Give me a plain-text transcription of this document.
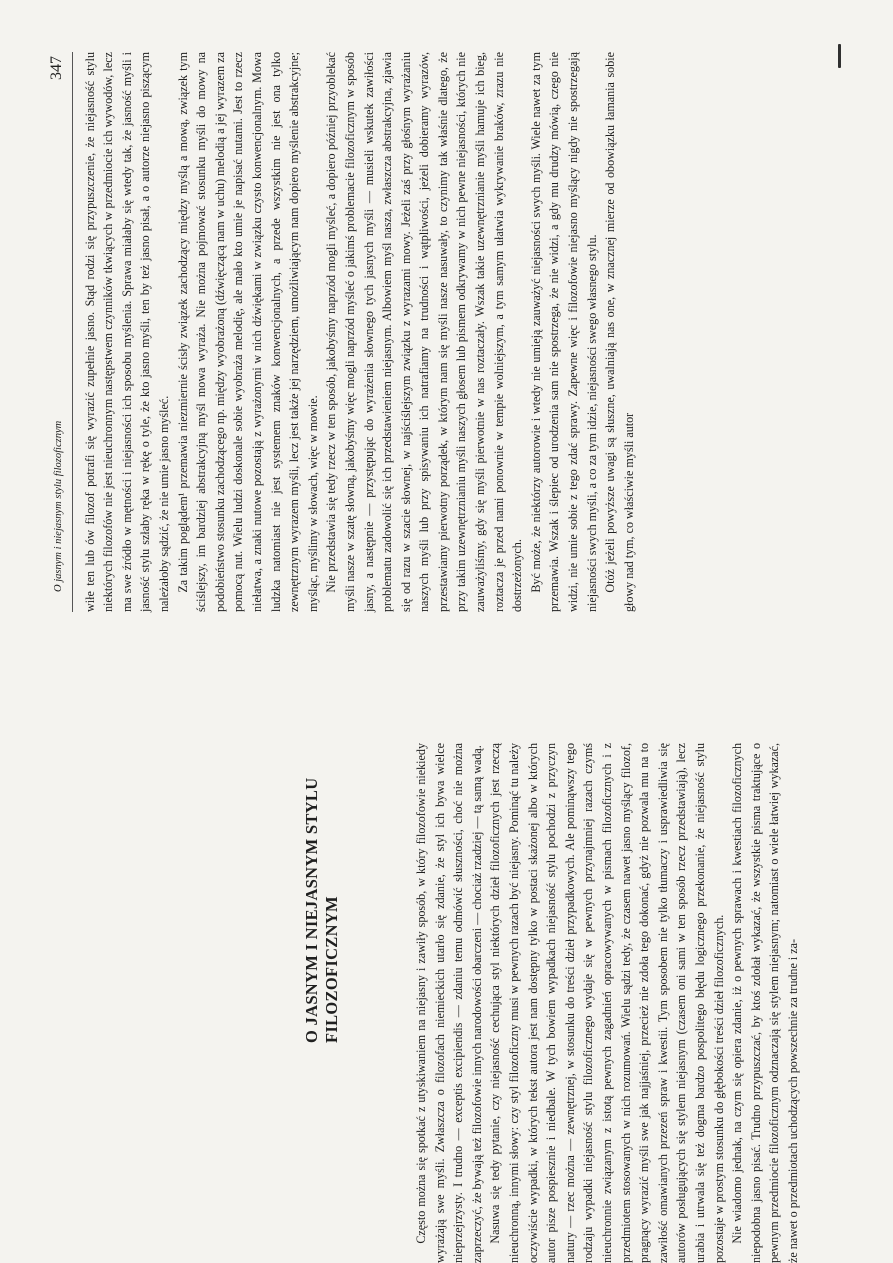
O JASNYM I NIEJASNYM STYLU FILOZOFICZNYM	Często można się spotkać z utyskiwaniem na niejasny i zawiły sposób, w który filozofowie niekiedy wyrażają swe myśli. Zwłaszcza o filozofach niemieckich utarło się zdanie, że styl ich bywa wielce nieprzejrzysty. I trudno — exceptis excipiendis — zdaniu temu odmówić słuszności, choć nie można zaprzeczyć, że bywają też filozofowie innych narodowości obarczeni — chociaż rzadziej — tą samą wadą. Nasuwa się tedy pytanie, czy niejasność cechująca styl niektórych dzieł filozoficznych jest rzeczą nieuchronną, innymi słowy: czy styl filozoficzny musi w pewnych razach być niejasny. Pominąć tu należy oczywiście wypadki, w których tekst autora jest nam dostępny tylko w postaci skażonej albo w których autor pisze pospiesznie i niedbale. W tych bowiem wypadkach niejasność stylu pochodzi z przyczyn natury — rzec można — zewnętrznej, w stosunku do treści dzieł przypadkowych. Ale pominąwszy tego rodzaju wypadki niejasność stylu filozoficznego wydaje się w pewnych przynajmniej razach czymś nieuchronnie związanym z istotą pewnych zagadnień opracowywanych w pismach filozoficznych i z przedmiotem stosowanych w nich rozumowań. Wielu sądzi tedy, że czasem nawet jasno myślący filozof, pragnący wyrazić myśli swe jak najjaśniej, przecież nie zdoła tego dokonać, gdyż nie pozwala mu na to zawiłość omawianych przezeń spraw i kwestii. Tym sposobem nie tylko tłumaczy i usprawiedliwia się autorów posługujących się stylem niejasnym (czasem oni sami w ten sposób rzecz przedstawiają), lecz urabia i utrwala się też dogma bardzo pospolitego błędu logicznego przekonanie, że niejasność stylu pozostaje w prostym stosunku do głębokości treści dzieł filozoficznych. Nie wiadomo jednak, na czym się opiera zdanie, iż o pewnych sprawach i kwestiach filozoficznych niepodobna jasno pisać. Trudno przypuszczać, by ktoś zdołał wykazać, że wszystkie pisma traktujące o pewnym przedmiocie filozoficznym odznaczają się stylem niejasnym; natomiast o wiele łatwiej wykazać, że nawet o przedmiotach uchodzących powszechnie za trudne i za-

O jasnym i niejasnym stylu filozoficznym
347 wiłe ten lub ów filozof potrafi się wyrazić zupełnie jasno. Stąd rodzi się przypuszczenie, że niejasność stylu niektórych filozofów nie jest nieuchronnym następstwem czynników tkwiących w przedmiocie ich wywodów, lecz ma swe źródło w mętności i niejasności ich sposobu myślenia. Sprawa miałaby się wtedy tak, że jasność myśli i jasność stylu szłaby ręka w rękę o tyle, że kto jasno myśli, ten by też jasno pisał, a o autorze niejasno piszącym należałoby sądzić, że nie umie jasno myśleć. Za takim poglądem¹ przemawia niezmiernie ścisły związek zachodzący między myślą a mową, związek tym ściślejszy, im bardziej abstrakcyjną myśl mowa wyraża. Nie można pojmować stosunku myśli do mowy na podobieństwo stosunku zachodzącego np. między wyobrażoną (dźwięczącą nam w uchu) melodią a jej wyrazem za pomocą nut. Wielu ludzi doskonale sobie wyobraża melodię, ale mało kto umie je napisać nutami. Jest to rzecz niełatwa, a znaki nutowe pozostają z wyrażonymi w nich dźwiękami w związku czysto konwencjonalnym. Mowa ludzka natomiast nie jest systemem znaków konwencjonalnych, a przede wszystkim nie jest ona tylko zewnętrznym wyrazem myśli, lecz jest także jej narzędziem, umożliwiającym nam dopiero myślenie abstrakcyjne; myśląc, myślimy w słowach, więc w mowie. Nie przedstawia się tedy rzecz w ten sposób, jakobyśmy naprzód mogli myśleć, a dopiero później przyoblekać myśli nasze w szatę słowną, jakobyśmy więc mogli naprzód myśleć o jakimś problemacie filozoficznym w sposób jasny, a następnie — przystępując do wyrażenia słownego tych jasnych myśli — musieli wskutek zawiłości problematu zadowolić się ich przedstawieniem niejasnym. Albowiem myśl nasza, zwłaszcza abstrakcyjna, zjawia się od razu w szacie słownej, w najściślejszym związku z wyrazami mowy. Jeżeli zaś przy głośnym wyrażaniu naszych myśli lub przy spisywaniu ich natrafiamy na trudności i wątpliwości, jeżeli dobieramy wyrazów, przestawiamy pierwotny porządek, w którym nam się myśli nasze nasuwały, to czynimy tak właśnie dlatego, że przy takim uzewnętrznianiu myśli naszych głosem lub pismem odkrywamy w nich pewne niejasności, których nie zauważyliśmy, gdy się myśli pierwotnie w nas roztaczały. Wszak takie uzewnętrznianie myśli hamuje ich bieg, roztacza je przed nami ponownie w tempie wolniejszym, a tym samym ułatwia wykrywanie braków, zrazu nie dostrzeżonych. Być może, że niektórzy autorowie i wtedy nie umieją zauważyć niejasności swych myśli. Wiele nawet za tym przemawia. Wszak i ślepiec od urodzenia sam nie spostrzega, że nie widzi, a gdy mu drudzy mówią, czego nie widzi, nie umie sobie z tego zdać sprawy. Zapewne więc i filozofowie niejasno myślący nigdy nie spostrzegają niejasności swych myśli, a co za tym idzie, niejasności swego własnego stylu. Otóż jeżeli powyższe uwagi są słuszne, uwalniają nas one, w znacznej mierze od obowiązku łamania sobie głowy nad tym, co właściwie myśli autor
